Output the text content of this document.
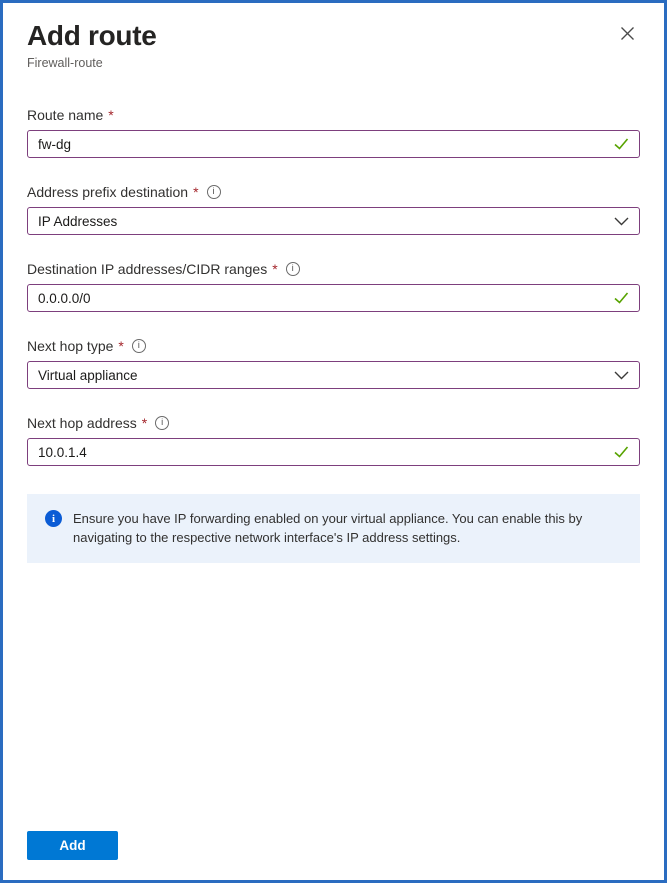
Add route
Firewall-route
Route name *
fw-dg
Address prefix destination *	i
IP Addresses
Destination IP addresses/CIDR ranges *	i
0.0.0.0/0
Next hop type *	i
Virtual appliance
Next hop address *	i
10.0.1.4
i	Ensure you have IP forwarding enabled on your virtual appliance. You can enable this by navigating to the respective network interface's IP address settings.
Add
